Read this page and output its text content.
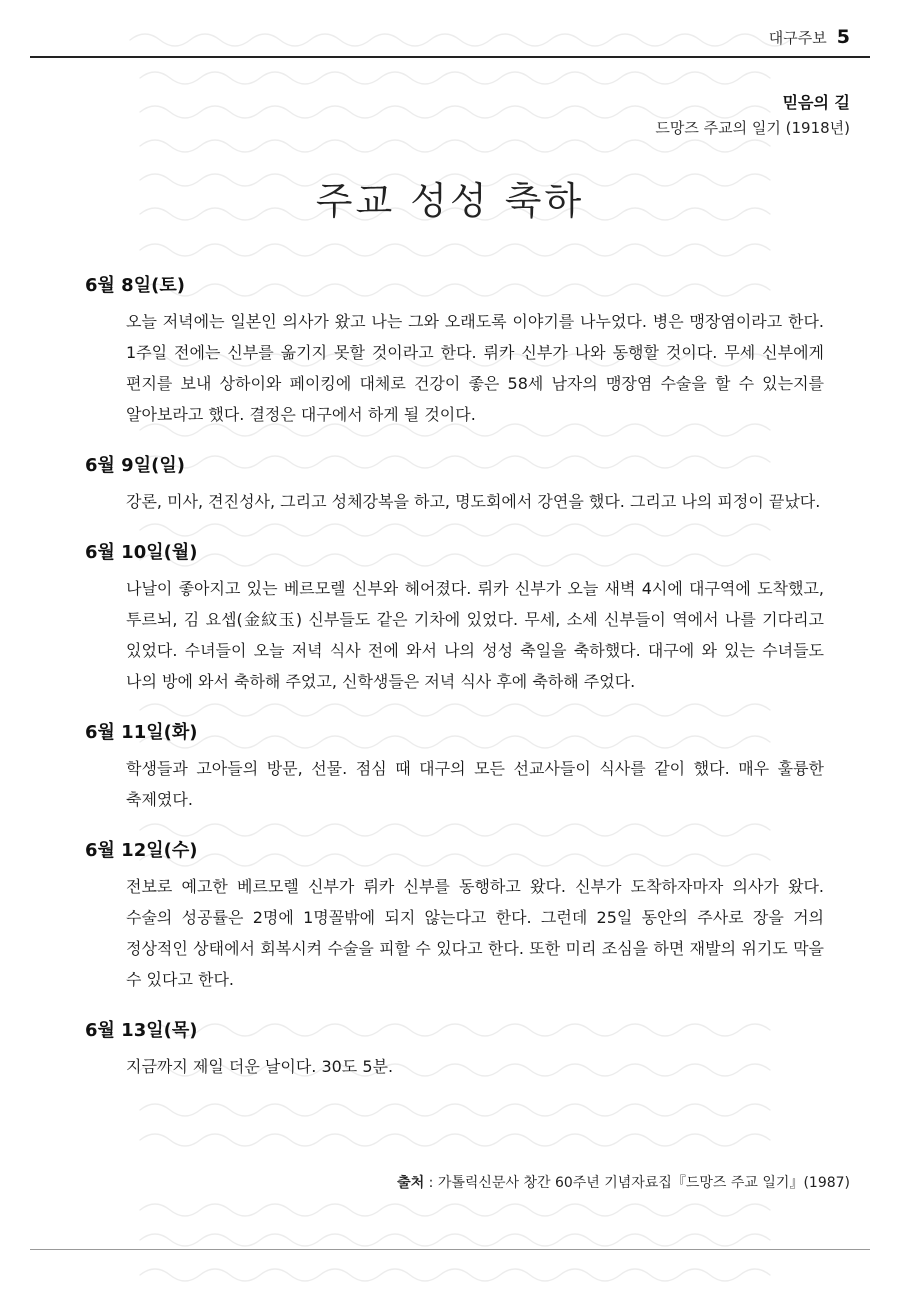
대구주보 5
믿음의 길
드망즈 주교의 일기 (1918년)
주교 성성 축하
6월 8일(토)
오늘 저녁에는 일본인 의사가 왔고 나는 그와 오래도록 이야기를 나누었다. 병은 맹장염이라고 한다. 1주일 전에는 신부를 옮기지 못할 것이라고 한다. 뤼카 신부가 나와 동행할 것이다. 무세 신부에게 편지를 보내 상하이와 페이킹에 대체로 건강이 좋은 58세 남자의 맹장염 수술을 할 수 있는지를 알아보라고 했다. 결정은 대구에서 하게 될 것이다.
6월 9일(일)
강론, 미사, 견진성사, 그리고 성체강복을 하고, 명도회에서 강연을 했다. 그리고 나의 피정이 끝났다.
6월 10일(월)
나날이 좋아지고 있는 베르모렐 신부와 헤어졌다. 뤼카 신부가 오늘 새벽 4시에 대구역에 도착했고, 투르뇌, 김 요셉(金紋玉) 신부들도 같은 기차에 있었다. 무세, 소세 신부들이 역에서 나를 기다리고 있었다. 수녀들이 오늘 저녁 식사 전에 와서 나의 성성 축일을 축하했다. 대구에 와 있는 수녀들도 나의 방에 와서 축하해 주었고, 신학생들은 저녁 식사 후에 축하해 주었다.
6월 11일(화)
학생들과 고아들의 방문, 선물. 점심 때 대구의 모든 선교사들이 식사를 같이 했다. 매우 훌륭한 축제였다.
6월 12일(수)
전보로 예고한 베르모렐 신부가 뤼카 신부를 동행하고 왔다. 신부가 도착하자마자 의사가 왔다. 수술의 성공률은 2명에 1명꼴밖에 되지 않는다고 한다. 그런데 25일 동안의 주사로 장을 거의 정상적인 상태에서 회복시켜 수술을 피할 수 있다고 한다. 또한 미리 조심을 하면 재발의 위기도 막을 수 있다고 한다.
6월 13일(목)
지금까지 제일 더운 날이다. 30도 5분.
출처 : 가톨릭신문사 창간 60주년 기념자료집『드망즈 주교 일기』(1987)
